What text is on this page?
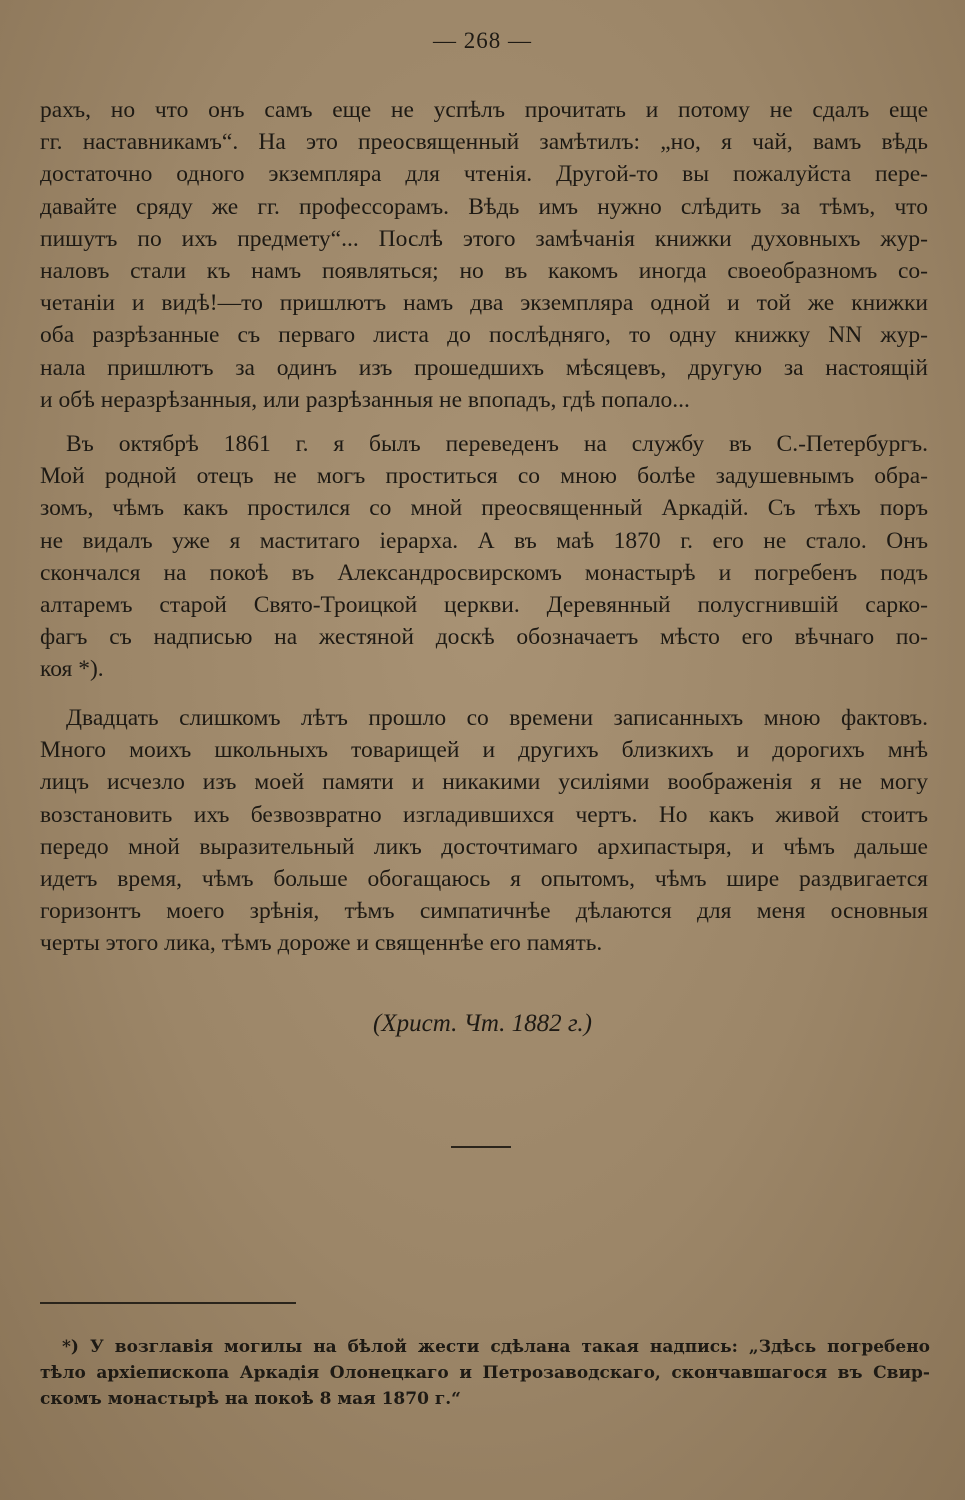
— 268 —
рахъ, но что онъ самъ еще не успѣлъ прочитать и потому не сдалъ еще
гг. наставникамъ“. На это преосвященный замѣтилъ: „но, я чай, вамъ вѣдь
достаточно одного экземпляра для чтенія. Другой-то вы пожалуйста пере-
давайте сряду же гг. профессорамъ. Вѣдь имъ нужно слѣдить за тѣмъ, что
пишутъ по ихъ предмету“... Послѣ этого замѣчанія книжки духовныхъ жур-
наловъ стали къ намъ появляться; но въ какомъ иногда своеобразномъ со-
четаніи и видѣ!—то пришлютъ намъ два экземпляра одной и той же книжки
оба разрѣзанные съ перваго листа до послѣдняго, то одну книжку NN жур-
нала пришлютъ за одинъ изъ прошедшихъ мѣсяцевъ, другую за настоящій
и обѣ неразрѣзанныя, или разрѣзанныя не впопадъ, гдѣ попало...
Въ октябрѣ 1861 г. я былъ переведенъ на службу въ С.-Петербургъ.
Мой родной отецъ не могъ проститься со мною болѣе задушевнымъ обра-
зомъ, чѣмъ какъ простился со мной преосвященный Аркадій. Съ тѣхъ поръ
не видалъ уже я маститаго іерарха. А въ маѣ 1870 г. его не стало. Онъ
скончался на покоѣ въ Александросвирскомъ монастырѣ и погребенъ подъ
алтаремъ старой Свято-Троицкой церкви. Деревянный полусгнившій сарко-
фагъ съ надписью на жестяной доскѣ обозначаетъ мѣсто его вѣчнаго по-
коя *).
Двадцать слишкомъ лѣтъ прошло со времени записанныхъ мною фактовъ.
Много моихъ школьныхъ товарищей и другихъ близкихъ и дорогихъ мнѣ
лицъ исчезло изъ моей памяти и никакими усиліями воображенія я не могу
возстановить ихъ безвозвратно изгладившихся чертъ. Но какъ живой стоитъ
передо мной выразительный ликъ досточтимаго архипастыря, и чѣмъ дальше
идетъ время, чѣмъ больше обогащаюсь я опытомъ, чѣмъ шире раздвигается
горизонтъ моего зрѣнія, тѣмъ симпатичнѣе дѣлаются для меня основныя
черты этого лика, тѣмъ дороже и священнѣе его память.
(Христ. Чт. 1882 г.)
*) У возглавія могилы на бѣлой жести сдѣлана такая надпись: „Здѣсь погребено
тѣло архіепископа Аркадія Олонецкаго и Петрозаводскаго, скончавшагося въ Свир-
скомъ монастырѣ на покоѣ 8 мая 1870 г.“
